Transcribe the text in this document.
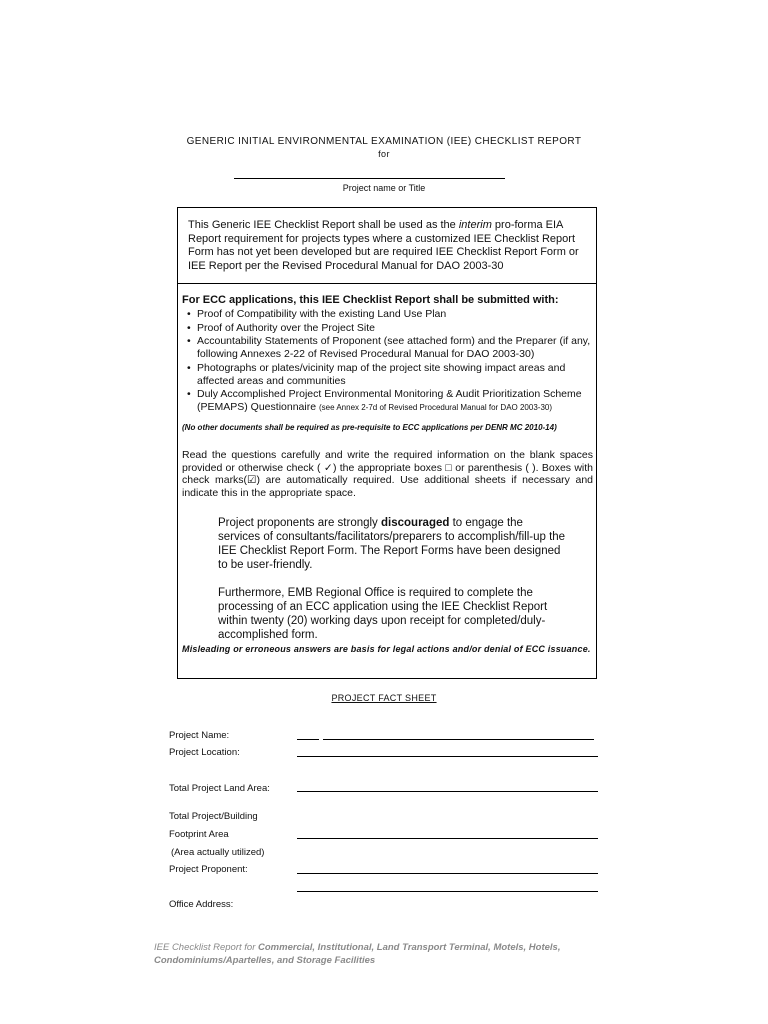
GENERIC INITIAL ENVIRONMENTAL EXAMINATION (IEE) CHECKLIST REPORT
for
Project name or Title
This Generic IEE Checklist Report shall be used as the interim pro-forma EIA Report requirement for projects types where a customized IEE Checklist Report Form has not yet been developed but are required IEE Checklist Report Form or IEE Report per the Revised Procedural Manual for DAO 2003-30
For ECC applications, this IEE Checklist Report shall be submitted with:
• Proof of Compatibility with the existing Land Use Plan
• Proof of Authority over the Project Site
• Accountability Statements of Proponent (see attached form) and the Preparer (if any, following Annexes 2-22 of Revised Procedural Manual for DAO 2003-30)
• Photographs or plates/vicinity map of the project site showing impact areas and affected areas and communities
• Duly Accomplished Project Environmental Monitoring & Audit Prioritization Scheme (PEMAPS) Questionnaire (see Annex 2-7d of Revised Procedural Manual for DAO 2003-30)
(No other documents shall be required as pre-requisite to ECC applications per DENR MC 2010-14)
Read the questions carefully and write the required information on the blank spaces provided or otherwise check ( ✓) the appropriate boxes □ or parenthesis ( ). Boxes with check marks(☑) are automatically required. Use additional sheets if necessary and indicate this in the appropriate space.
Project proponents are strongly discouraged to engage the services of consultants/facilitators/preparers to accomplish/fill-up the IEE Checklist Report Form. The Report Forms have been designed to be user-friendly.
Furthermore, EMB Regional Office is required to complete the processing of an ECC application using the IEE Checklist Report within twenty (20) working days upon receipt for completed/duly-accomplished form.
Misleading or erroneous answers are basis for legal actions and/or denial of ECC issuance.
PROJECT FACT SHEET
Project Name:
Project Location:
Total Project Land Area:
Total Project/Building
Footprint Area
(Area actually utilized)
Project Proponent:
Office Address:
IEE Checklist Report for Commercial, Institutional, Land Transport Terminal, Motels, Hotels, Condominiums/Apartelles, and Storage Facilities
